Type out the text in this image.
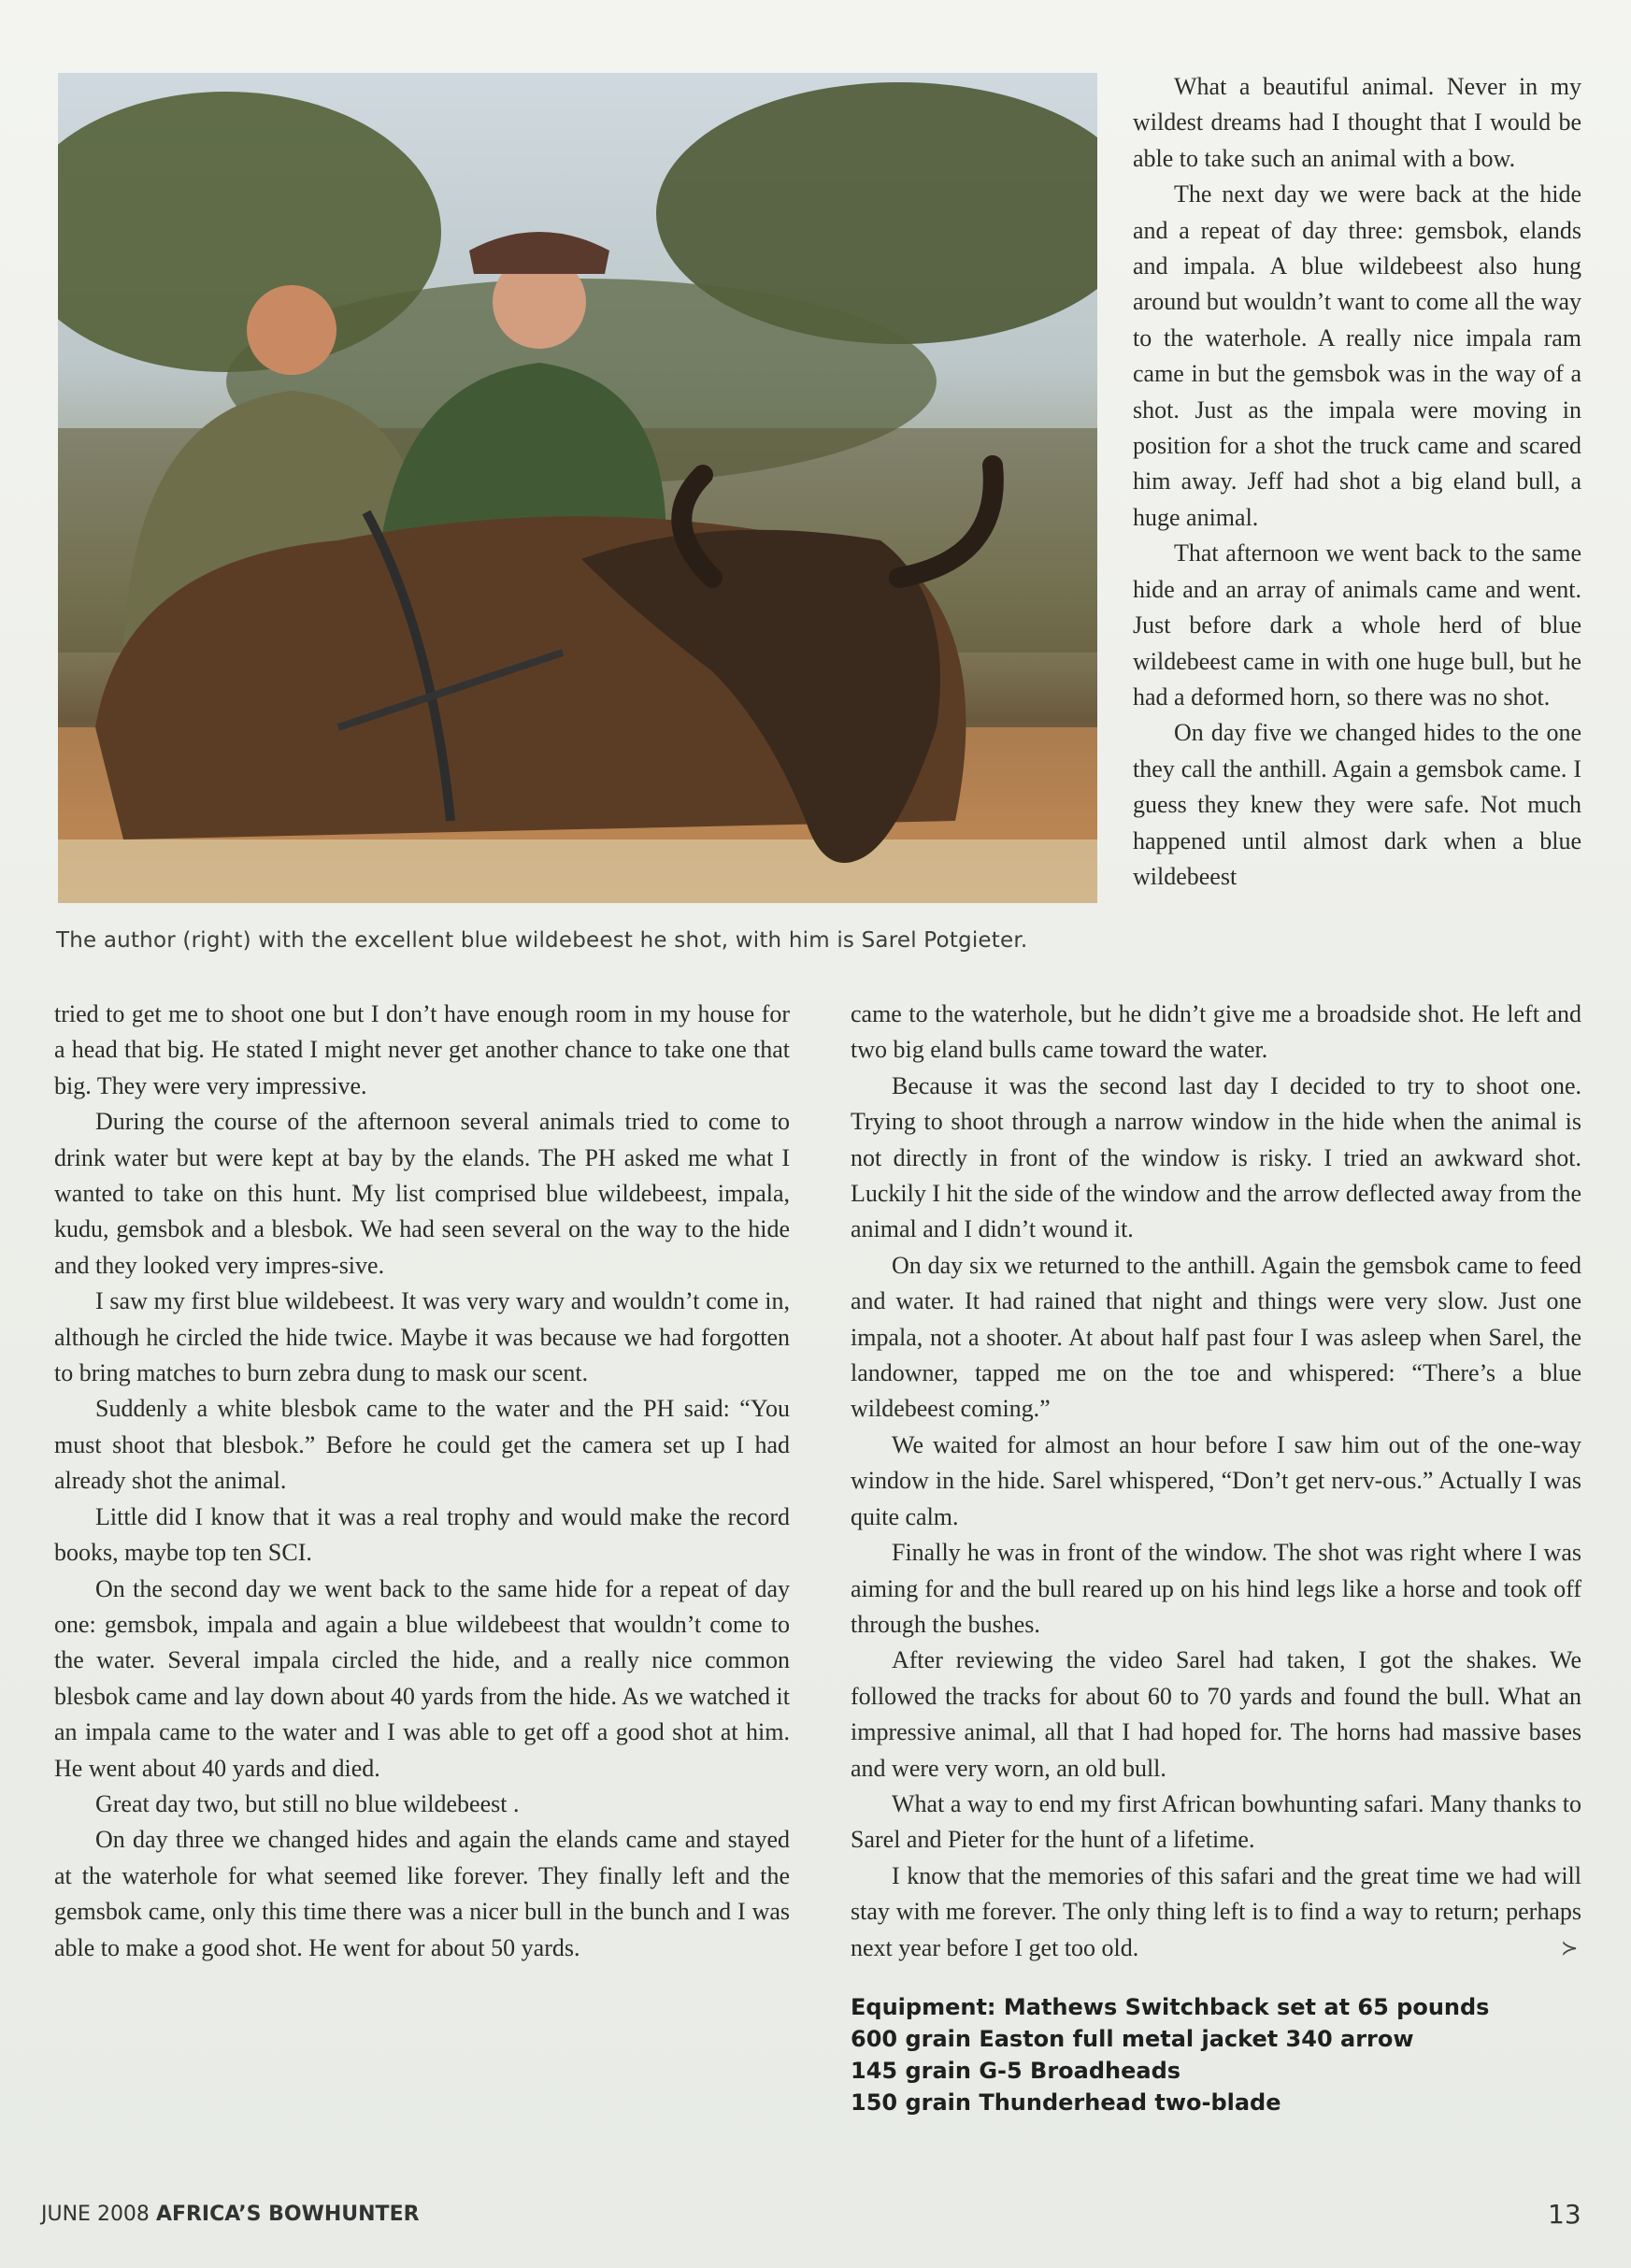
The author (right) with the excellent blue wildebeest he shot, with him is Sarel Potgieter.

What a beautiful animal. Never in my wildest dreams had I thought that I would be able to take such an animal with a bow.

The next day we were back at the hide and a repeat of day three: gemsbok, elands and impala. A blue wildebeest also hung around but wouldn’t want to come all the way to the waterhole. A really nice impala ram came in but the gemsbok was in the way of a shot. Just as the impala were moving in position for a shot the truck came and scared him away. Jeff had shot a big eland bull, a huge animal.

That afternoon we went back to the same hide and an array of animals came and went. Just before dark a whole herd of blue wildebeest came in with one huge bull, but he had a deformed horn, so there was no shot.

On day five we changed hides to the one they call the anthill. Again a gemsbok came. I guess they knew they were safe. Not much happened until almost dark when a blue wildebeest

tried to get me to shoot one but I don’t have enough room in my house for a head that big. He stated I might never get another chance to take one that big. They were very impressive.

During the course of the afternoon several animals tried to come to drink water but were kept at bay by the elands. The PH asked me what I wanted to take on this hunt. My list comprised blue wildebeest, impala, kudu, gemsbok and a blesbok. We had seen several on the way to the hide and they looked very impres-sive.

I saw my first blue wildebeest. It was very wary and wouldn’t come in, although he circled the hide twice. Maybe it was because we had forgotten to bring matches to burn zebra dung to mask our scent.

Suddenly a white blesbok came to the water and the PH said: “You must shoot that blesbok.” Before he could get the camera set up I had already shot the animal.

Little did I know that it was a real trophy and would make the record books, maybe top ten SCI.

On the second day we went back to the same hide for a repeat of day one: gemsbok, impala and again a blue wildebeest that wouldn’t come to the water. Several impala circled the hide, and a really nice common blesbok came and lay down about 40 yards from the hide. As we watched it an impala came to the water and I was able to get off a good shot at him. He went about 40 yards and died.

Great day two, but still no blue wildebeest .

On day three we changed hides and again the elands came and stayed at the waterhole for what seemed like forever. They finally left and the gemsbok came, only this time there was a nicer bull in the bunch and I was able to make a good shot. He went for about 50 yards.

came to the waterhole, but he didn’t give me a broadside shot. He left and two big eland bulls came toward the water.

Because it was the second last day I decided to try to shoot one. Trying to shoot through a narrow window in the hide when the animal is not directly in front of the window is risky. I tried an awkward shot. Luckily I hit the side of the window and the arrow deflected away from the animal and I didn’t wound it.

On day six we returned to the anthill. Again the gemsbok came to feed and water. It had rained that night and things were very slow. Just one impala, not a shooter. At about half past four I was asleep when Sarel, the landowner, tapped me on the toe and whispered: “There’s a blue wildebeest coming.”

We waited for almost an hour before I saw him out of the one-way window in the hide. Sarel whispered, “Don’t get nerv-ous.” Actually I was quite calm.

Finally he was in front of the window. The shot was right where I was aiming for and the bull reared up on his hind legs like a horse and took off through the bushes.

After reviewing the video Sarel had taken, I got the shakes. We followed the tracks for about 60 to 70 yards and found the bull. What an impressive animal, all that I had hoped for. The horns had massive bases and were very worn, an old bull.

What a way to end my first African bowhunting safari. Many thanks to Sarel and Pieter for the hunt of a lifetime.

I know that the memories of this safari and the great time we had will stay with me forever. The only thing left is to find a way to return; perhaps next year before I get too old.	≻
Equipment: Mathews Switchback set at 65 pounds
600 grain Easton full metal jacket 340 arrow
145 grain G-5 Broadheads
150 grain Thunderhead two-blade
JUNE 2008 AFRICA’S BOWHUNTER	13
